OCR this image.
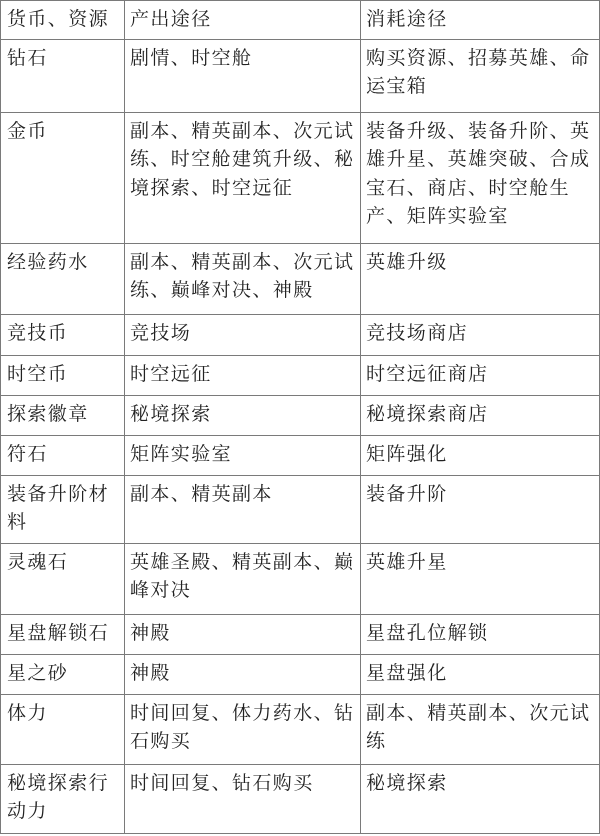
货币、资源	产出途径	消耗途径
钻石	剧情、时空舱	购买资源、招募英雄、命运宝箱
金币	副本、精英副本、次元试练、时空舱建筑升级、秘境探索、时空远征	装备升级、装备升阶、英雄升星、英雄突破、合成宝石、商店、时空舱生产、矩阵实验室
经验药水	副本、精英副本、次元试练、巅峰对决、神殿	英雄升级
竞技币	竞技场	竞技场商店
时空币	时空远征	时空远征商店
探索徽章	秘境探索	秘境探索商店
符石	矩阵实验室	矩阵强化
装备升阶材料	副本、精英副本	装备升阶
灵魂石	英雄圣殿、精英副本、巅峰对决	英雄升星
星盘解锁石	神殿	星盘孔位解锁
星之砂	神殿	星盘强化
体力	时间回复、体力药水、钻石购买	副本、精英副本、次元试练
秘境探索行动力	时间回复、钻石购买	秘境探索
